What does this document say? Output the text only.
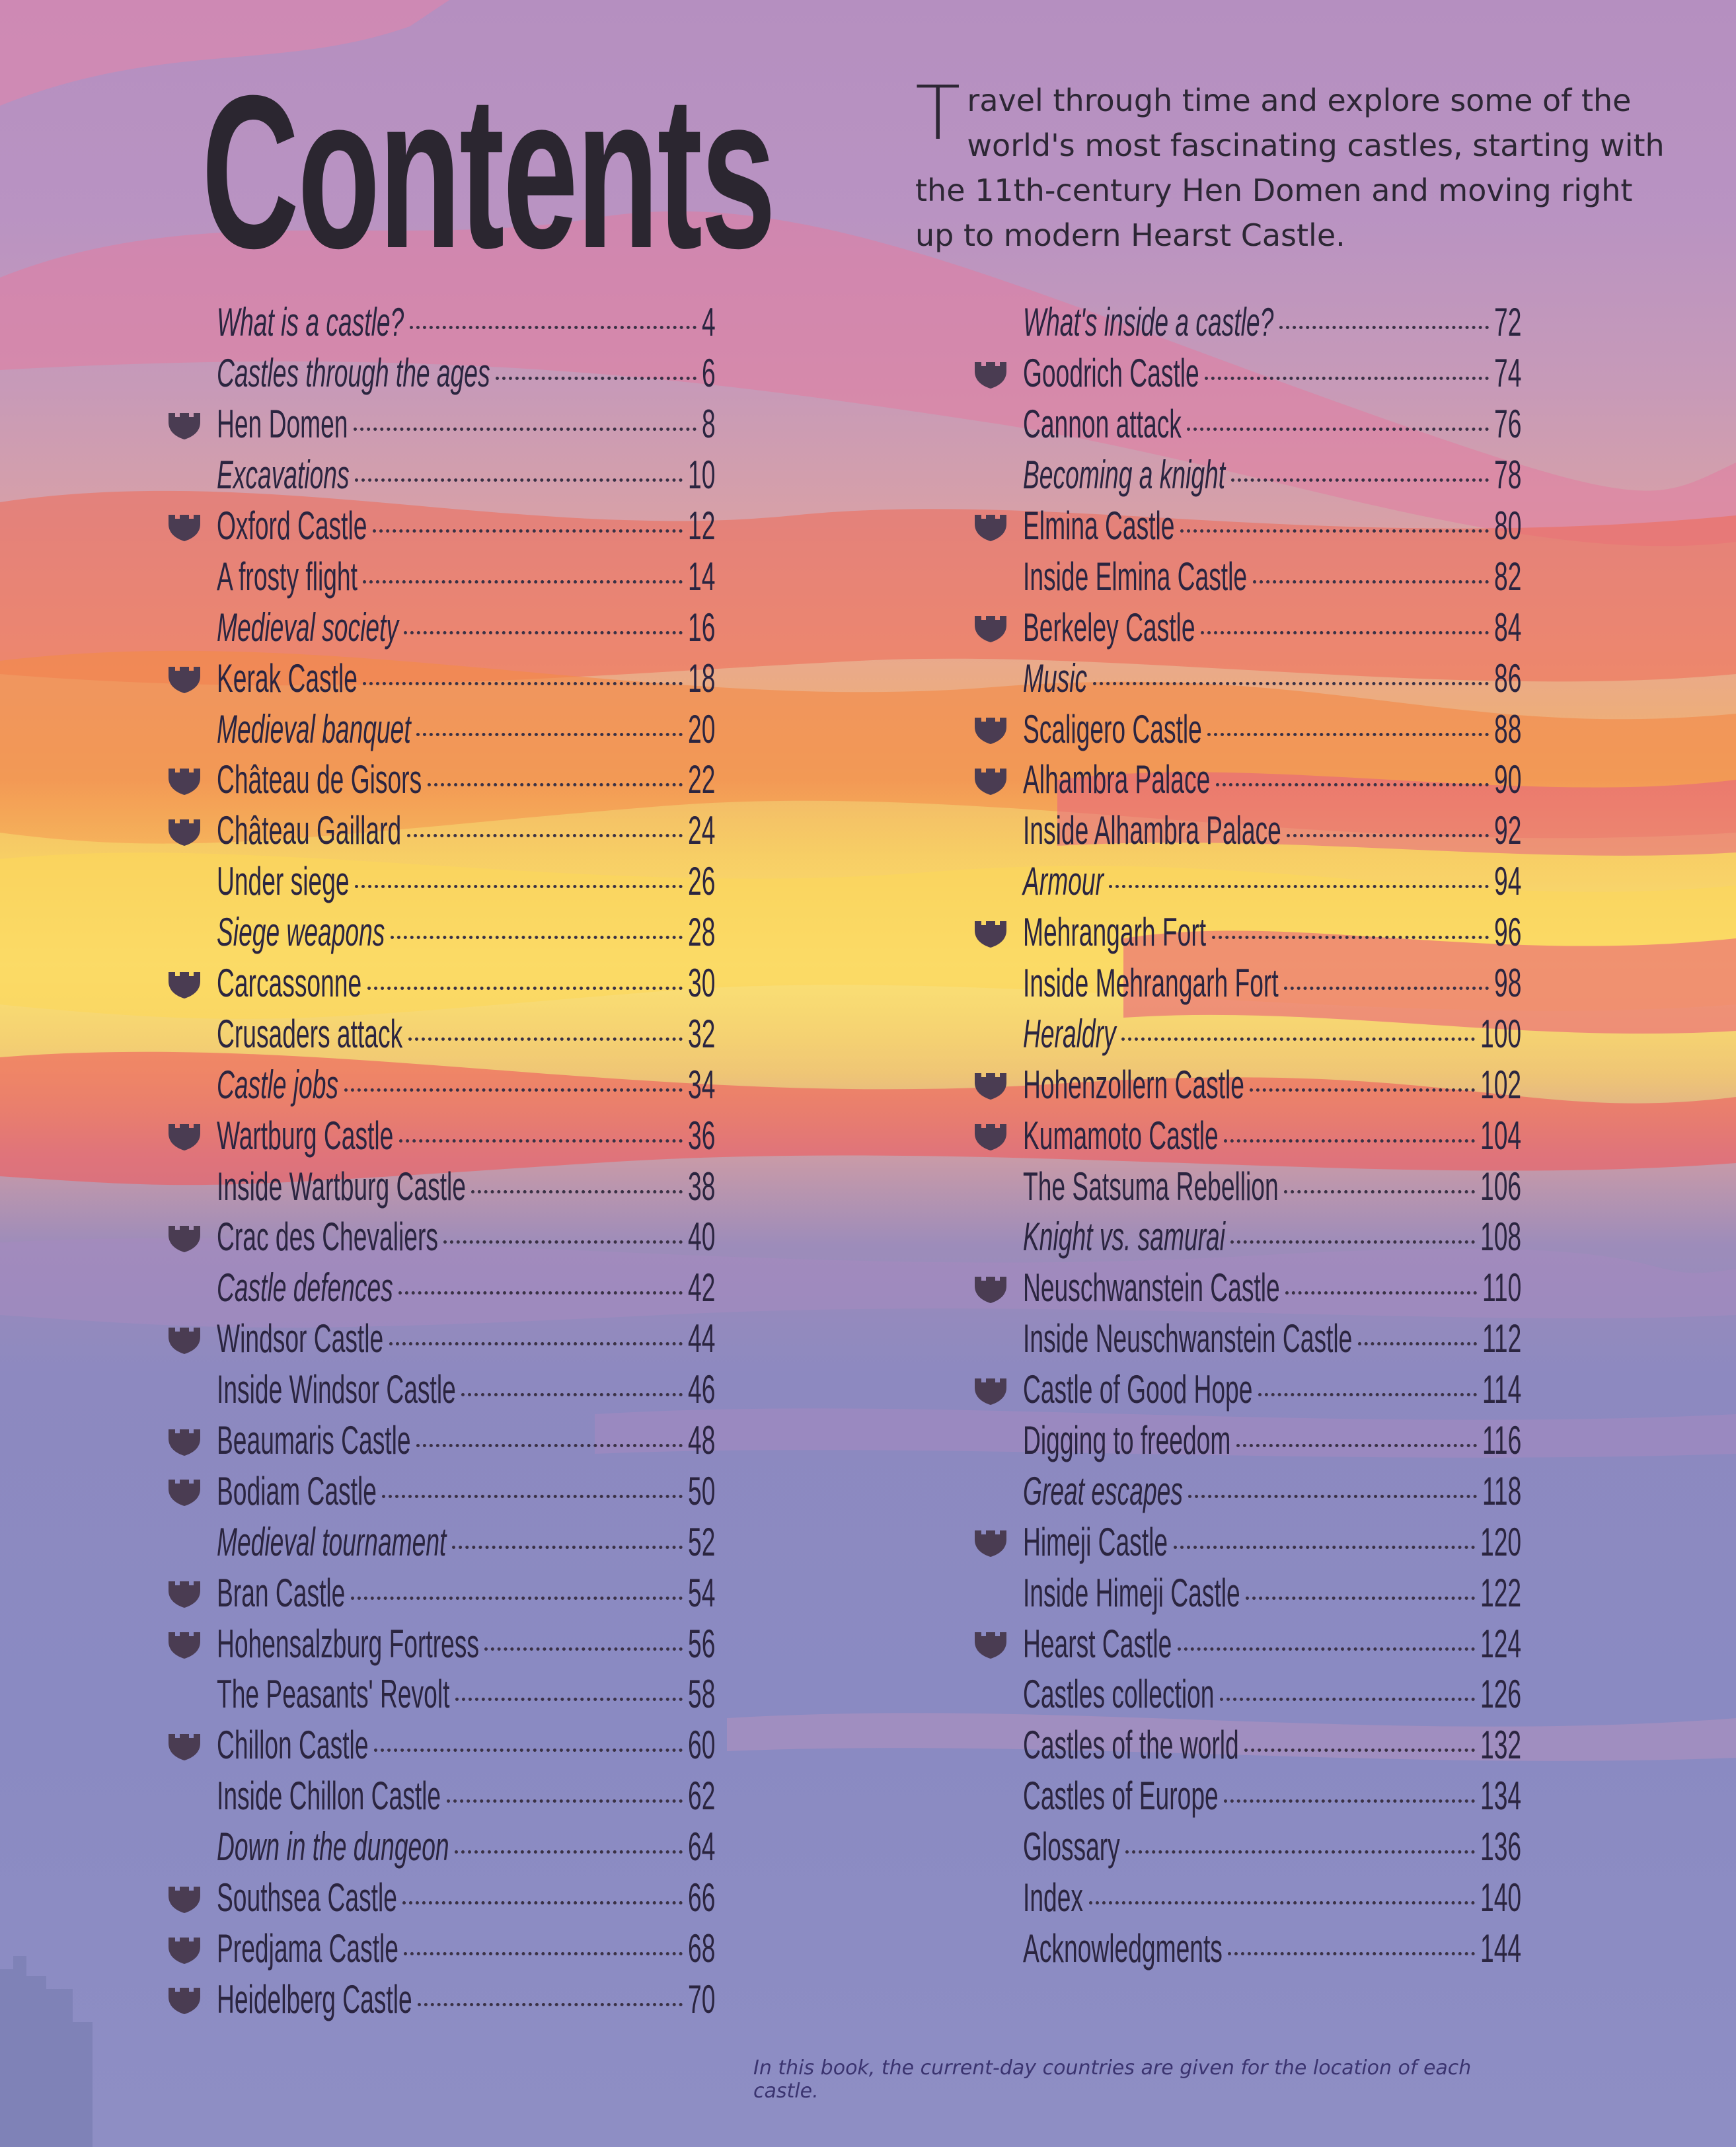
Contents Travel through time and explore some of the world's most fascinating castles, starting with the 11th-century Hen Domen and moving right up to modern Hearst Castle.

What is a castle?	4
Castles through the ages	6
Hen Domen	8
Excavations	10
Oxford Castle	12
A frosty flight	14
Medieval society	16
Kerak Castle	18
Medieval banquet	20
Château de Gisors	22
Château Gaillard	24
Under siege	26
Siege weapons	28
Carcassonne	30
Crusaders attack	32
Castle jobs	34
Wartburg Castle	36
Inside Wartburg Castle	38
Crac des Chevaliers	40
Castle defences	42
Windsor Castle	44
Inside Windsor Castle	46
Beaumaris Castle	48
Bodiam Castle	50
Medieval tournament	52
Bran Castle	54
Hohensalzburg Fortress	56
The Peasants' Revolt	58
Chillon Castle	60
Inside Chillon Castle	62
Down in the dungeon	64
Southsea Castle	66
Predjama Castle	68
Heidelberg Castle	70
What's inside a castle?	72
Goodrich Castle	74
Cannon attack	76
Becoming a knight	78
Elmina Castle	80
Inside Elmina Castle	82
Berkeley Castle	84
Music	86
Scaligero Castle	88
Alhambra Palace	90
Inside Alhambra Palace	92
Armour	94
Mehrangarh Fort	96
Inside Mehrangarh Fort	98
Heraldry	100
Hohenzollern Castle	102
Kumamoto Castle	104
The Satsuma Rebellion	106
Knight vs. samurai	108
Neuschwanstein Castle	110
Inside Neuschwanstein Castle	112
Castle of Good Hope	114
Digging to freedom	116
Great escapes	118
Himeji Castle	120
Inside Himeji Castle	122
Hearst Castle	124
Castles collection	126
Castles of the world	132
Castles of Europe	134
Glossary	136
Index	140
Acknowledgments	144

In this book, the current-day countries are given for the location of each castle.
